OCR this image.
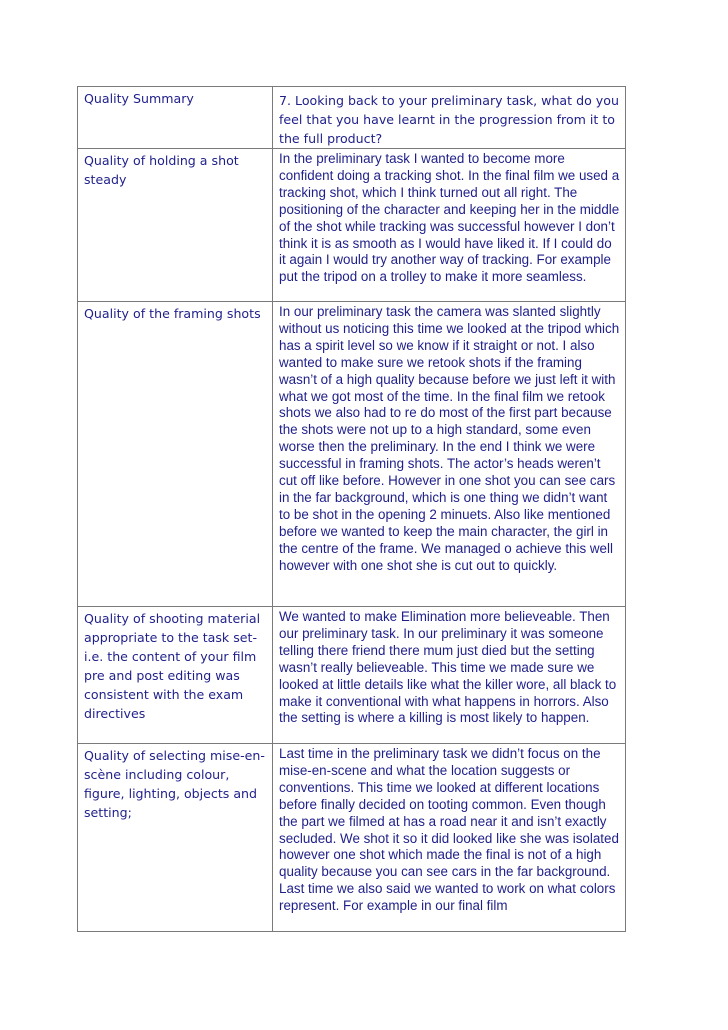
Quality Summary	7. Looking back to your preliminary task, what do you feel that you have learnt in the progression from it to the full product?
Quality of holding a shot steady	In the preliminary task I wanted to become more confident doing a tracking shot. In the final film we used a tracking shot, which I think turned out all right. The positioning of the character and keeping her in the middle of the shot while tracking was successful however I don’t think it is as smooth as I would have liked it. If I could do it again I would try another way of tracking. For example put the tripod on a trolley to make it more seamless.
Quality of the framing shots	In our preliminary task the camera was slanted slightly without us noticing this time we looked at the tripod which has a spirit level so we know if it straight or not. I also wanted to make sure we retook shots if the framing wasn’t of a high quality because before we just left it with what we got most of the time. In the final film we retook shots we also had to re do most of the first part because the shots were not up to a high standard, some even worse then the preliminary. In the end I think we were successful in framing shots. The actor’s heads weren’t cut off like before. However in one shot you can see cars in the far background, which is one thing we didn’t want to be shot in the opening 2 minuets. Also like mentioned before we wanted to keep the main character, the girl in the centre of the frame. We managed o achieve this well however with one shot she is cut out to quickly.
Quality of shooting material appropriate to the task set- i.e. the content of your film pre and post editing was consistent with the exam directives	We wanted to make Elimination more believeable. Then our preliminary task. In our preliminary it was someone telling there friend there mum just died but the setting wasn’t really believeable. This time we made sure we looked at little details like what the killer wore, all black to make it conventional with what happens in horrors. Also the setting is where a killing is most likely to happen.
Quality of selecting mise-en-scène including colour, figure, lighting, objects and setting;	Last time in the preliminary task we didn’t focus on the mise-en-scene and what the location suggests or conventions. This time we looked at different locations before finally decided on tooting common. Even though the part we filmed at has a road near it and isn’t exactly secluded. We shot it so it did looked like she was isolated however one shot which made the final is not of a high quality because you can see cars in the far background. Last time we also said we wanted to work on what colors represent. For example in our final film
